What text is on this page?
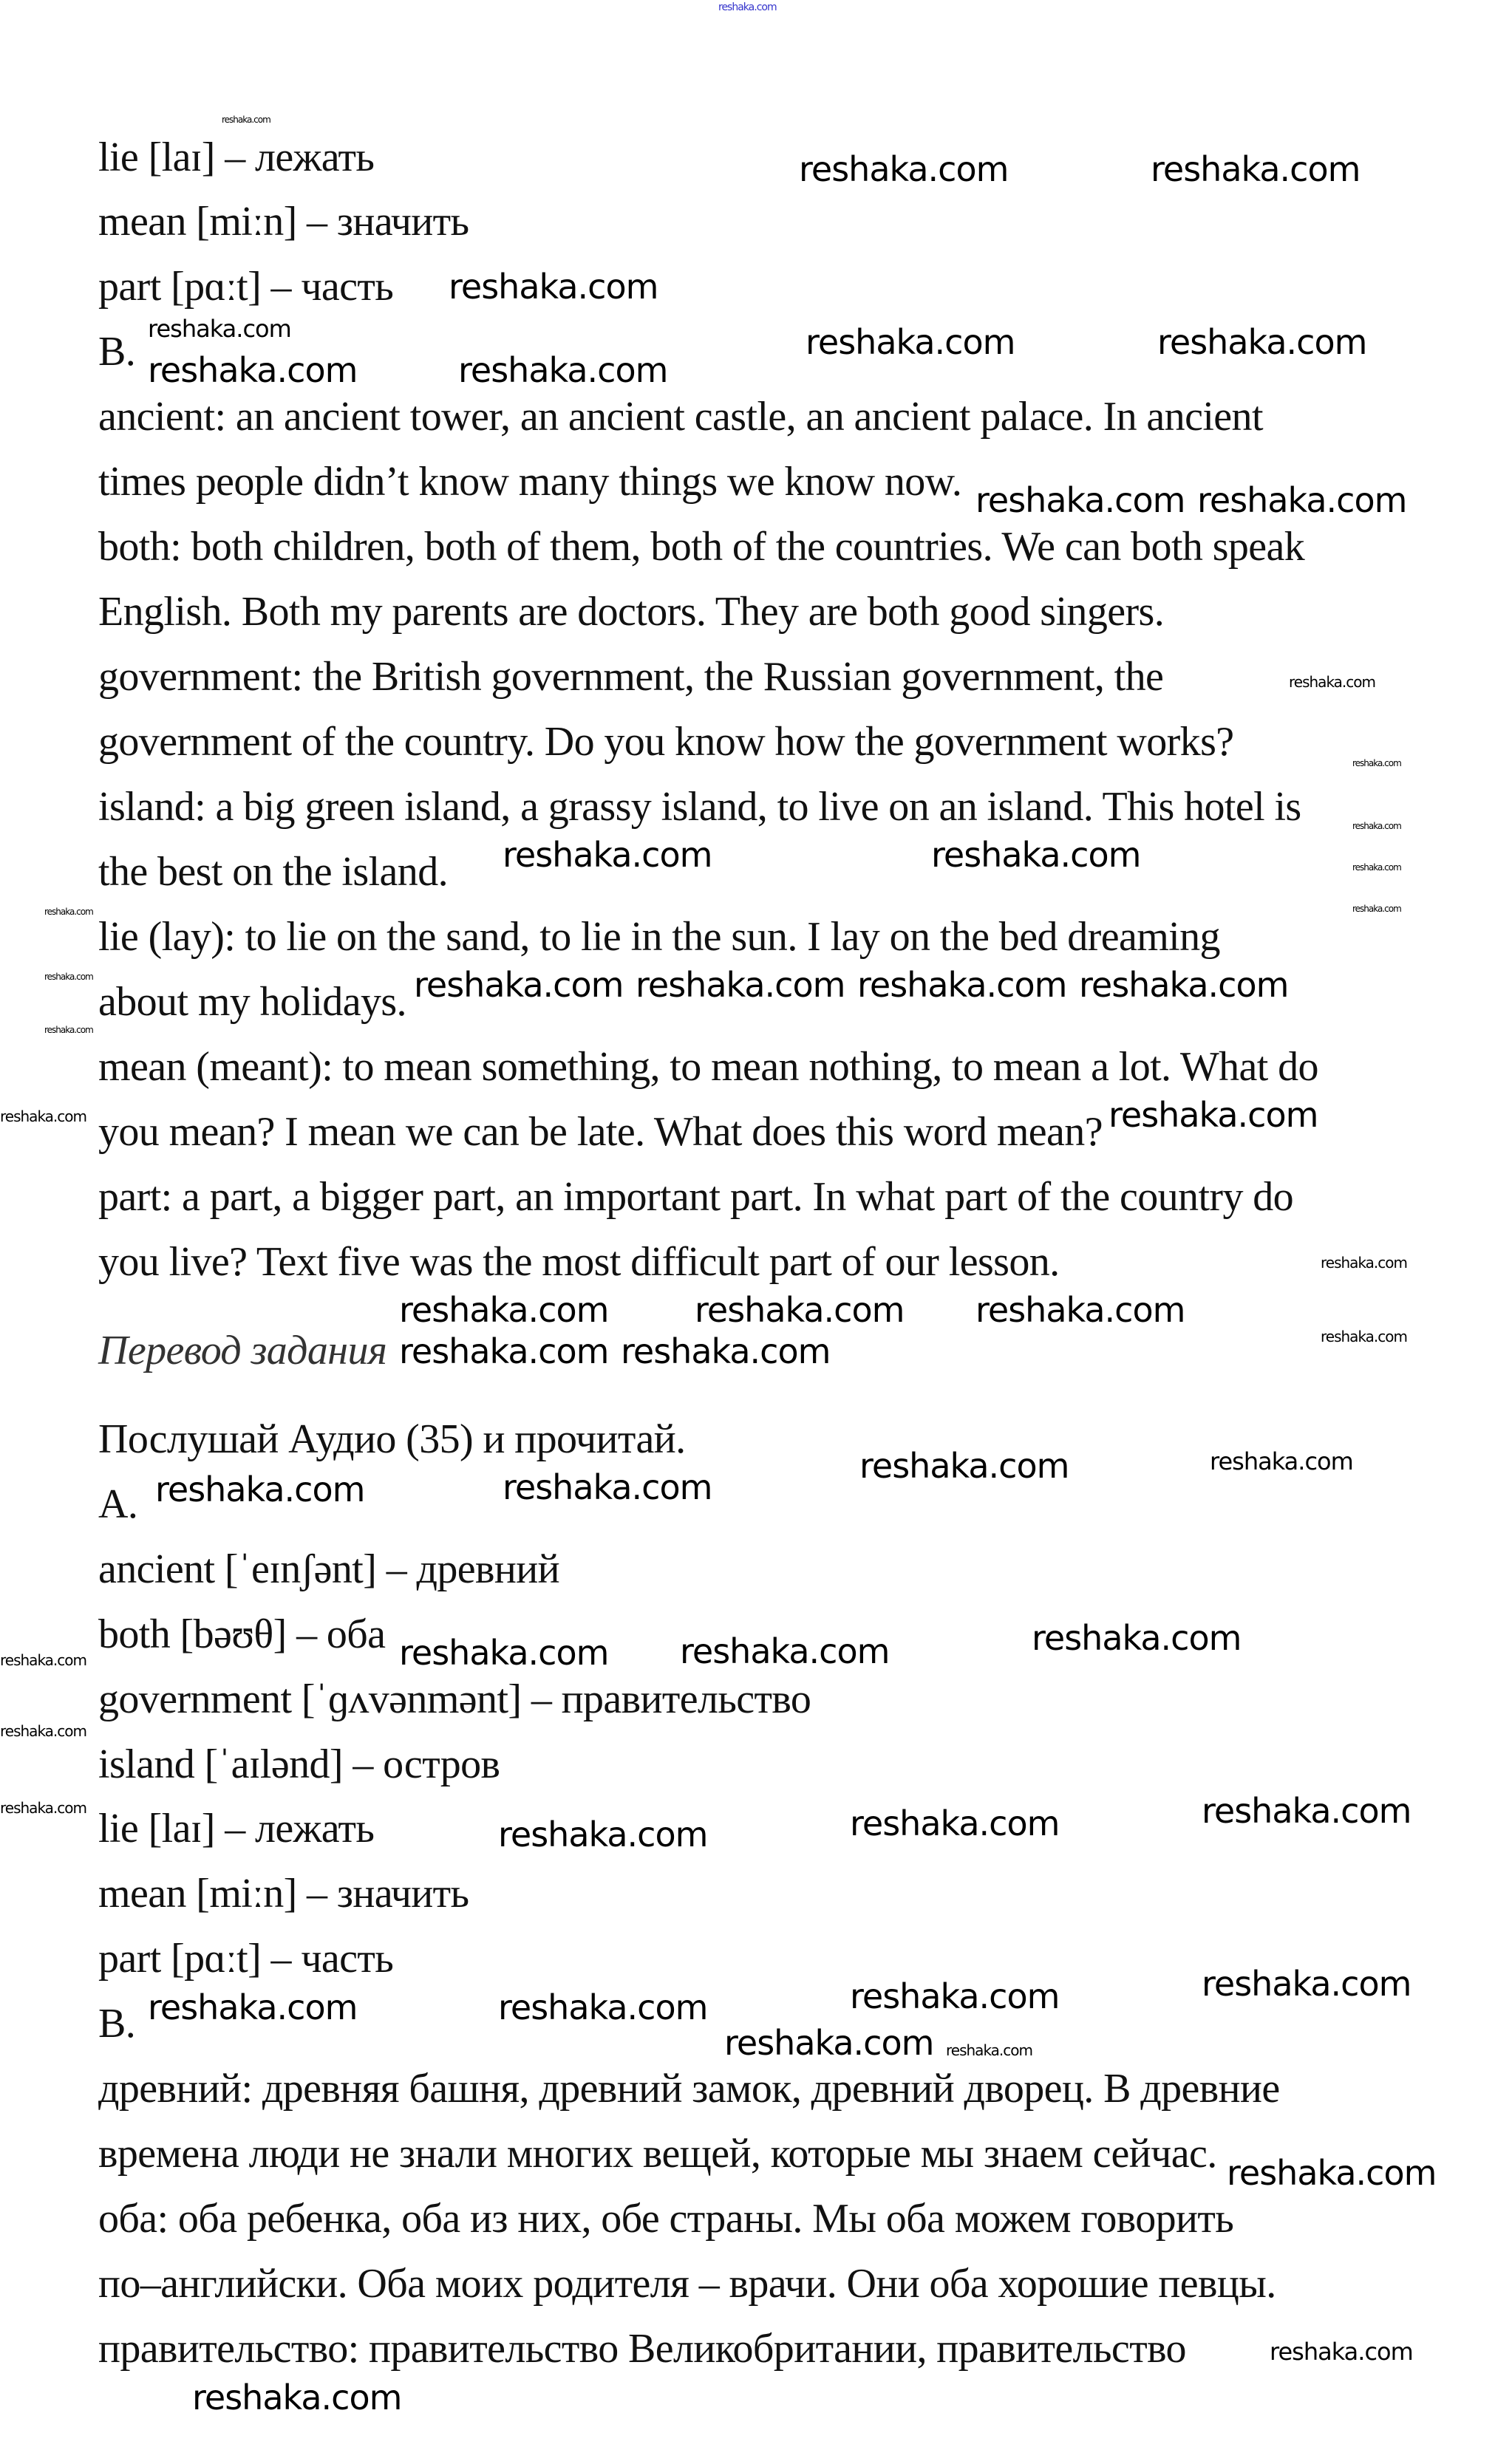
reshaka.com
lie [laɪ] – лежать
mean [miːn] – значить
part [pɑːt] – часть
B.
ancient: an ancient tower, an ancient castle, an ancient palace. In ancient
times people didn’t know many things we know now.
both: both children, both of them, both of the countries. We can both speak
English. Both my parents are doctors. They are both good singers.
government: the British government, the Russian government, the
government of the country. Do you know how the government works?
island: a big green island, a grassy island, to live on an island. This hotel is
the best on the island.
lie (lay): to lie on the sand, to lie in the sun. I lay on the bed dreaming
about my holidays.
mean (meant): to mean something, to mean nothing, to mean a lot. What do
you mean? I mean we can be late. What does this word mean?
part: a part, a bigger part, an important part. In what part of the country do
you live? Text five was the most difficult part of our lesson.
Перевод задания
Послушай Аудио (35) и прочитай.
A.
ancient [ˈeɪnʃənt] – древний
both [bəʊθ] – оба
government [ˈɡʌvənmənt] – правительство
island [ˈaɪlənd] – остров
lie [laɪ] – лежать
mean [miːn] – значить
part [pɑːt] – часть
B.
древний: древняя башня, древний замок, древний дворец. В древние
времена люди не знали многих вещей, которые мы знаем сейчас.
оба: оба ребенка, оба из них, обе страны. Мы оба можем говорить
по–английски. Оба моих родителя – врачи. Они оба хорошие певцы.
правительство: правительство Великобритании, правительство
reshaka.com	reshaka.com
reshaka.com
reshaka.com	reshaka.com
reshaka.com	reshaka.com
reshaka.com reshaka.com
reshaka.com
reshaka.com
reshaka.com
reshaka.com reshaka.com reshaka.com
reshaka.com	reshaka.com
reshaka.com
reshaka.com reshaka.com
reshaka.com
reshaka.com	reshaka.com
reshaka.com
reshaka.com reshaka.com	reshaka.com
reshaka.com	reshaka.com	reshaka.com
reshaka.com	reshaka.com	reshaka.com	reshaka.com
reshaka.com
reshaka.com
reshaka.com
reshaka.com
reshaka.com
reshaka.com
reshaka.com
reshaka.com
reshaka.com
reshaka.com
reshaka.com
reshaka.com
reshaka.com
reshaka.com
reshaka.com
reshaka.com
reshaka.com
reshaka.com
reshaka.com
reshaka.com
reshaka.com
reshaka.com
